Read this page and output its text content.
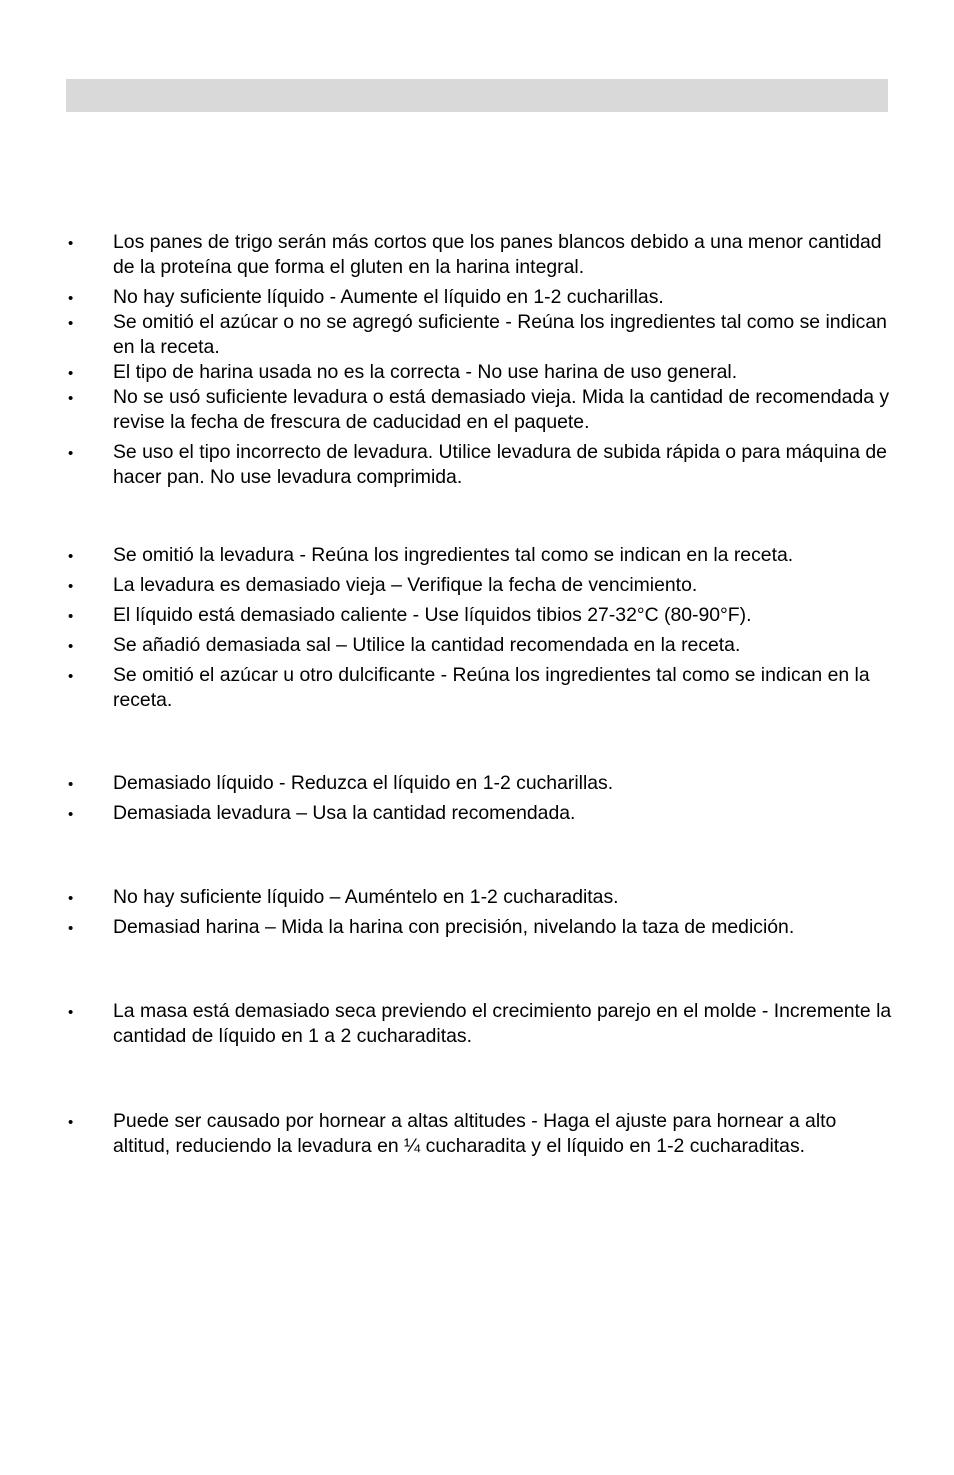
• Los panes de trigo serán más cortos que los panes blancos debido a una menor cantidad de la proteína que forma el gluten en la harina integral.
• No hay suficiente líquido - Aumente el líquido en 1-2 cucharillas.
• Se omitió el azúcar o no se agregó suficiente - Reúna los ingredientes tal como se indican en la receta.
• El tipo de harina usada no es la correcta - No use harina de uso general.
• No se usó suficiente levadura o está demasiado vieja. Mida la cantidad de recomendada y revise la fecha de frescura de caducidad en el paquete.
• Se uso el tipo incorrecto de levadura. Utilice levadura de subida rápida o para máquina de hacer pan. No use levadura comprimida.
• Se omitió la levadura - Reúna los ingredientes tal como se indican en la receta.
• La levadura es demasiado vieja – Verifique la fecha de vencimiento.
• El líquido está demasiado caliente - Use líquidos tibios 27-32°C (80-90°F).
• Se añadió demasiada sal – Utilice la cantidad recomendada en la receta.
• Se omitió el azúcar u otro dulcificante - Reúna los ingredientes tal como se indican en la receta.
• Demasiado líquido - Reduzca el líquido en 1-2 cucharillas.
• Demasiada levadura – Usa la cantidad recomendada.
• No hay suficiente líquido – Auméntelo en 1-2 cucharaditas.
• Demasiad harina – Mida la harina con precisión, nivelando la taza de medición.
• La masa está demasiado seca previendo el crecimiento parejo en el molde - Incremente la cantidad de líquido en 1 a 2 cucharaditas.
• Puede ser causado por hornear a altas altitudes - Haga el ajuste para hornear a alto altitud, reduciendo la levadura en ¼ cucharadita y el líquido en 1-2 cucharaditas.
